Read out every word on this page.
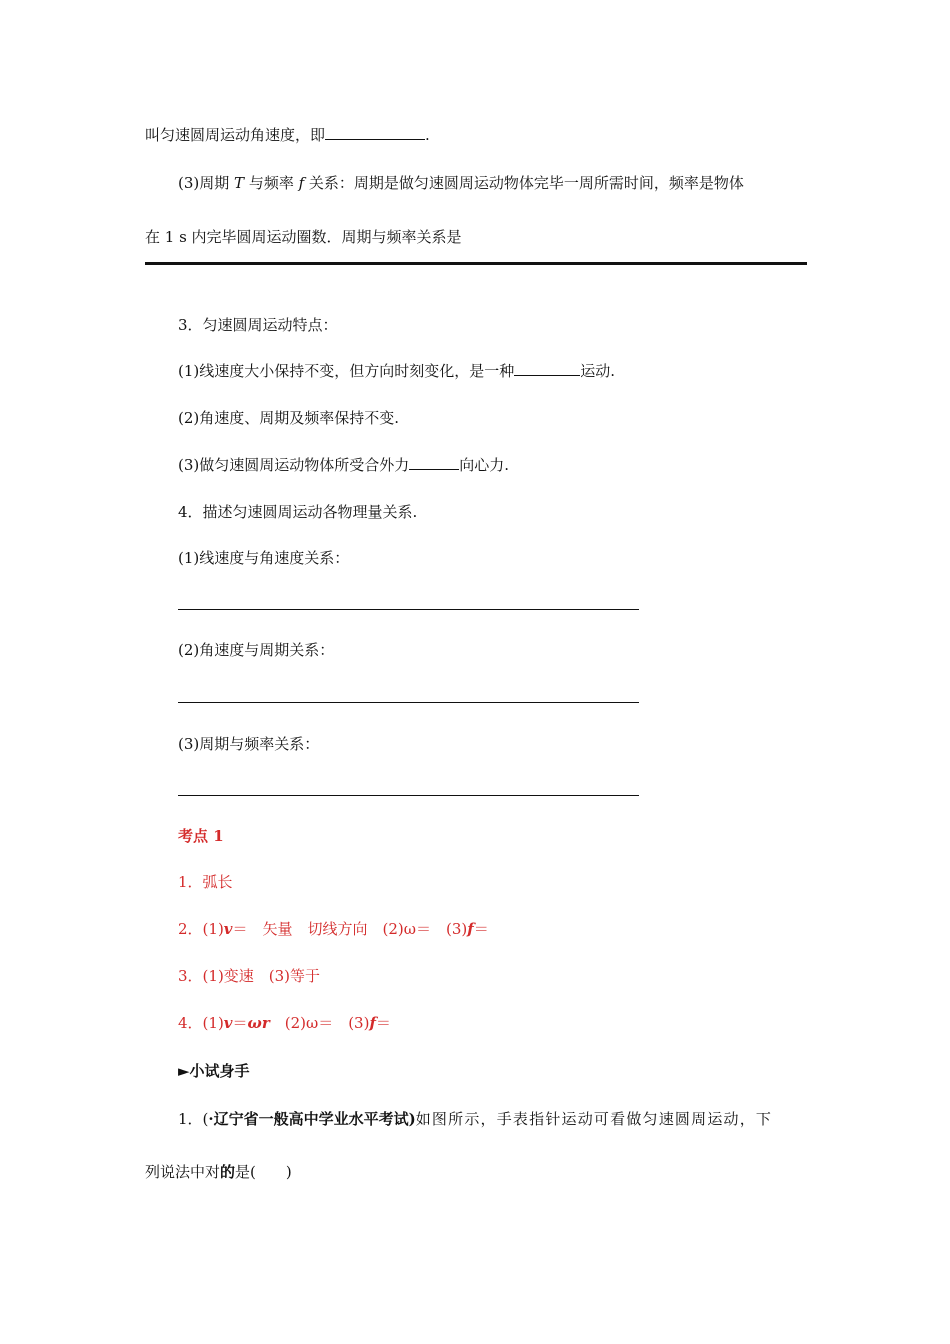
叫匀速圆周运动角速度，即	.
(3)周期 T 与频率 f 关系：周期是做匀速圆周运动物体完毕一周所需时间，频率是物体
在 1 s 内完毕圆周运动圈数．周期与频率关系是
3．匀速圆周运动特点：
(1)线速度大小保持不变，但方向时刻变化，是一种	运动.
(2)角速度、周期及频率保持不变.
(3)做匀速圆周运动物体所受合外力	向心力.
4．描述匀速圆周运动各物理量关系.
(1)线速度与角速度关系：
(2)角速度与周期关系：
(3)周期与频率关系：
考点 1
1．弧长
2．(1)v＝　矢量　切线方向　(2)ω＝　(3)f＝
3．(1)变速　(3)等于
4．(1)v＝ωr　(2)ω＝　(3)f＝
►小试身手
1．(·辽宁省一般高中学业水平考试)如图所示，手表指针运动可看做匀速圆周运动，下
列说法中对的是(　　)
